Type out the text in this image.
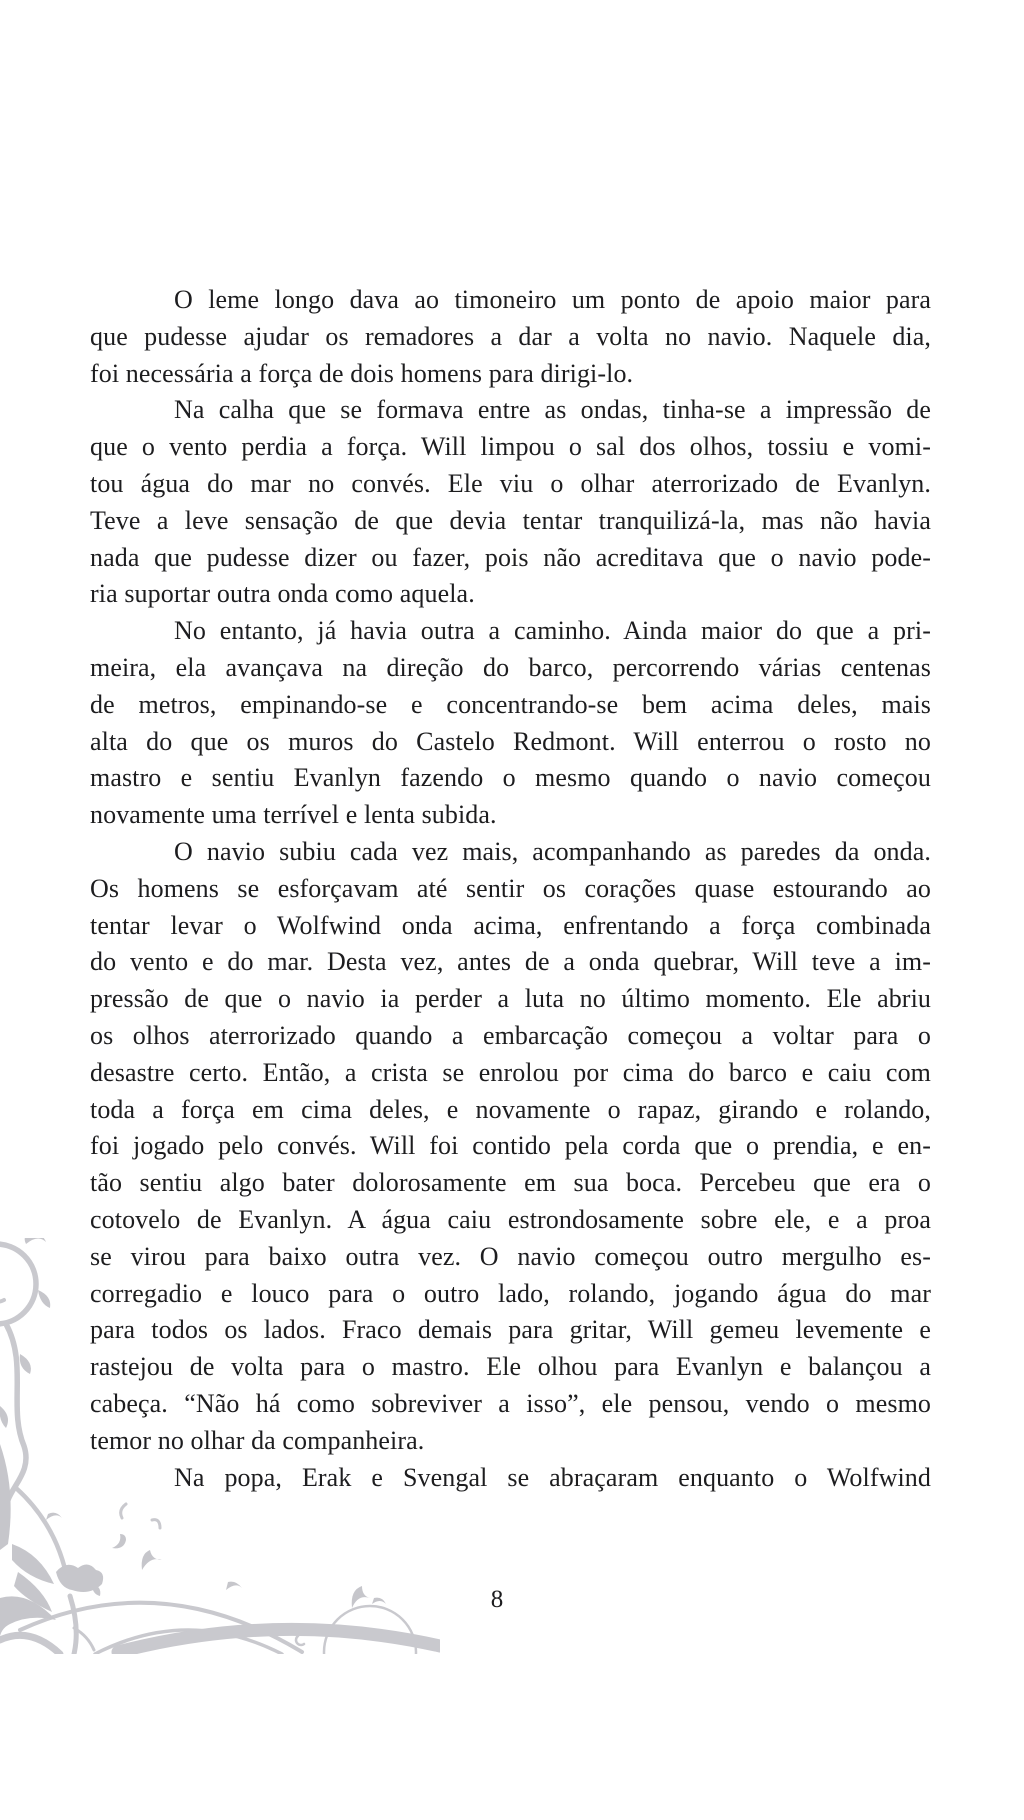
O leme longo dava ao timoneiro um ponto de apoio maior para
que pudesse ajudar os remadores a dar a volta no navio. Naquele dia,
foi necessária a força de dois homens para dirigi-lo.
Na calha que se formava entre as ondas, tinha-se a impressão de
que o vento perdia a força. Will limpou o sal dos olhos, tossiu e vomi-
tou água do mar no convés. Ele viu o olhar aterrorizado de Evanlyn.
Teve a leve sensação de que devia tentar tranquilizá-la, mas não havia
nada que pudesse dizer ou fazer, pois não acreditava que o navio pode-
ria suportar outra onda como aquela.
No entanto, já havia outra a caminho. Ainda maior do que a pri-
meira, ela avançava na direção do barco, percorrendo várias centenas
de metros, empinando-se e concentrando-se bem acima deles, mais
alta do que os muros do Castelo Redmont. Will enterrou o rosto no
mastro e sentiu Evanlyn fazendo o mesmo quando o navio começou
novamente uma terrível e lenta subida.
O navio subiu cada vez mais, acompanhando as paredes da onda.
Os homens se esforçavam até sentir os corações quase estourando ao
tentar levar o Wolfwind onda acima, enfrentando a força combinada
do vento e do mar. Desta vez, antes de a onda quebrar, Will teve a im-
pressão de que o navio ia perder a luta no último momento. Ele abriu
os olhos aterrorizado quando a embarcação começou a voltar para o
desastre certo. Então, a crista se enrolou por cima do barco e caiu com
toda a força em cima deles, e novamente o rapaz, girando e rolando,
foi jogado pelo convés. Will foi contido pela corda que o prendia, e en-
tão sentiu algo bater dolorosamente em sua boca. Percebeu que era o
cotovelo de Evanlyn. A água caiu estrondosamente sobre ele, e a proa
se virou para baixo outra vez. O navio começou outro mergulho es-
corregadio e louco para o outro lado, rolando, jogando água do mar
para todos os lados. Fraco demais para gritar, Will gemeu levemente e
rastejou de volta para o mastro. Ele olhou para Evanlyn e balançou a
cabeça. “Não há como sobreviver a isso”, ele pensou, vendo o mesmo
temor no olhar da companheira.
Na popa, Erak e Svengal se abraçaram enquanto o Wolfwind
8
